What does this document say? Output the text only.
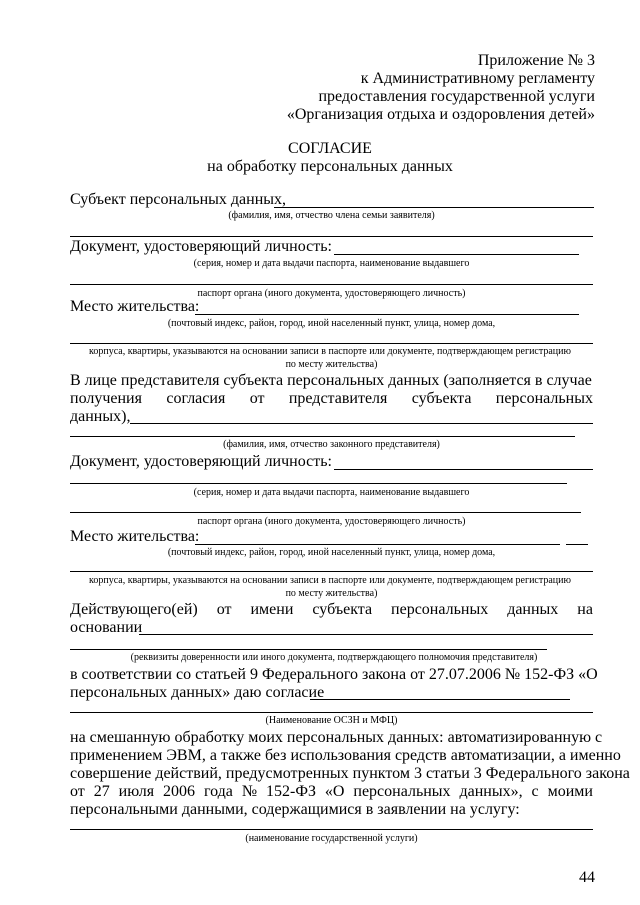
Приложение № 3
к Административному регламенту
предоставления государственной услуги
«Организация отдыха и оздоровления детей»
СОГЛАСИЕ
на обработку персональных данных
Субъект персональных данных,
(фамилия, имя, отчество члена семьи заявителя)
Документ, удостоверяющий личность:
(серия, номер и дата выдачи паспорта, наименование выдавшего
паспорт органа (иного документа, удостоверяющего личность)
Место жительства:
(почтовый индекс, район, город, иной населенный пункт, улица, номер дома,
корпуса, квартиры, указываются на основании записи в паспорте или документе, подтверждающем регистрацию
по месту жительства)
В лице представителя субъекта персональных данных (заполняется в случае
получения согласия от представителя субъекта персональных
данных),
(фамилия, имя, отчество законного представителя)
Документ, удостоверяющий личность:
(серия, номер и дата выдачи паспорта, наименование выдавшего
паспорт органа (иного документа, удостоверяющего личность)
Место жительства:
(почтовый индекс, район, город, иной населенный пункт, улица, номер дома,
корпуса, квартиры, указываются на основании записи в паспорте или документе, подтверждающем регистрацию
по месту жительства)
Действующего(ей) от имени субъекта персональных данных на
основании
(реквизиты доверенности или иного документа, подтверждающего полномочия представителя)
в соответствии со статьей 9 Федерального закона от 27.07.2006 № 152-ФЗ «О
персональных данных» даю согласие
(Наименование ОСЗН и МФЦ)
на смешанную обработку моих персональных данных: автоматизированную с
применением ЭВМ, а также без использования средств автоматизации, а именно
совершение действий, предусмотренных пунктом 3 статьи 3 Федерального закона
от 27 июля 2006 года № 152-ФЗ «О персональных данных», с моими
персональными данными, содержащимися в заявлении на услугу:
(наименование государственной услуги)
44
